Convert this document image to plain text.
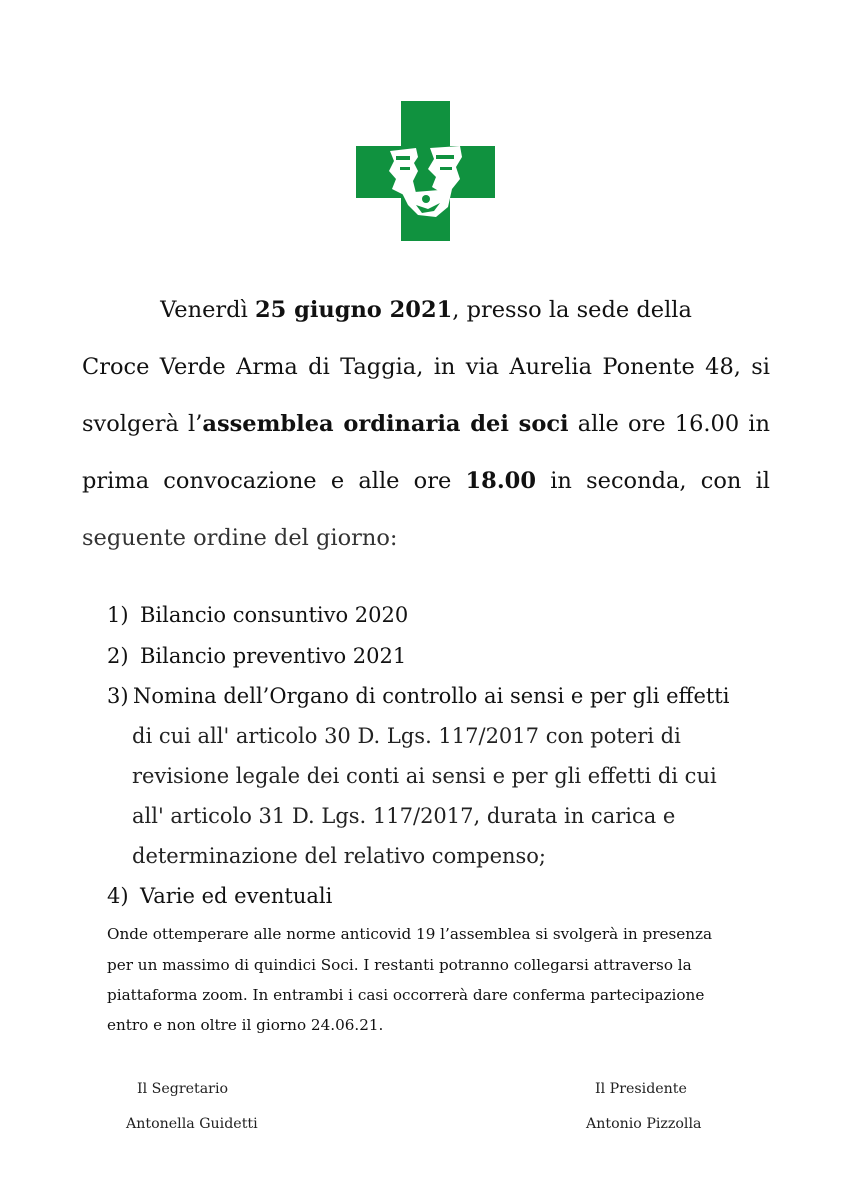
Venerdì 25 giugno 2021, presso la sede della
Croce Verde Arma di Taggia, in via Aurelia Ponente 48, si
svolgerà l’assemblea ordinaria dei soci alle ore 16.00 in
prima convocazione e alle ore 18.00 in seconda, con il
seguente ordine del giorno:
1) Bilancio consuntivo 2020
2) Bilancio preventivo 2021
3) Nomina dell’Organo di controllo ai sensi e per gli effetti
di cui all' articolo 30 D. Lgs. 117/2017 con poteri di
revisione legale dei conti ai sensi e per gli effetti di cui
all' articolo 31 D. Lgs. 117/2017, durata in carica e
determinazione del relativo compenso;
4) Varie ed eventuali
Onde ottemperare alle norme anticovid 19 l’assemblea si svolgerà in presenza
per un massimo di quindici Soci. I restanti potranno collegarsi attraverso la
piattaforma zoom. In entrambi i casi occorrerà dare conferma partecipazione
entro e non oltre il giorno 24.06.21.
Il Segretario
Antonella Guidetti
Il Presidente
Antonio Pizzolla
